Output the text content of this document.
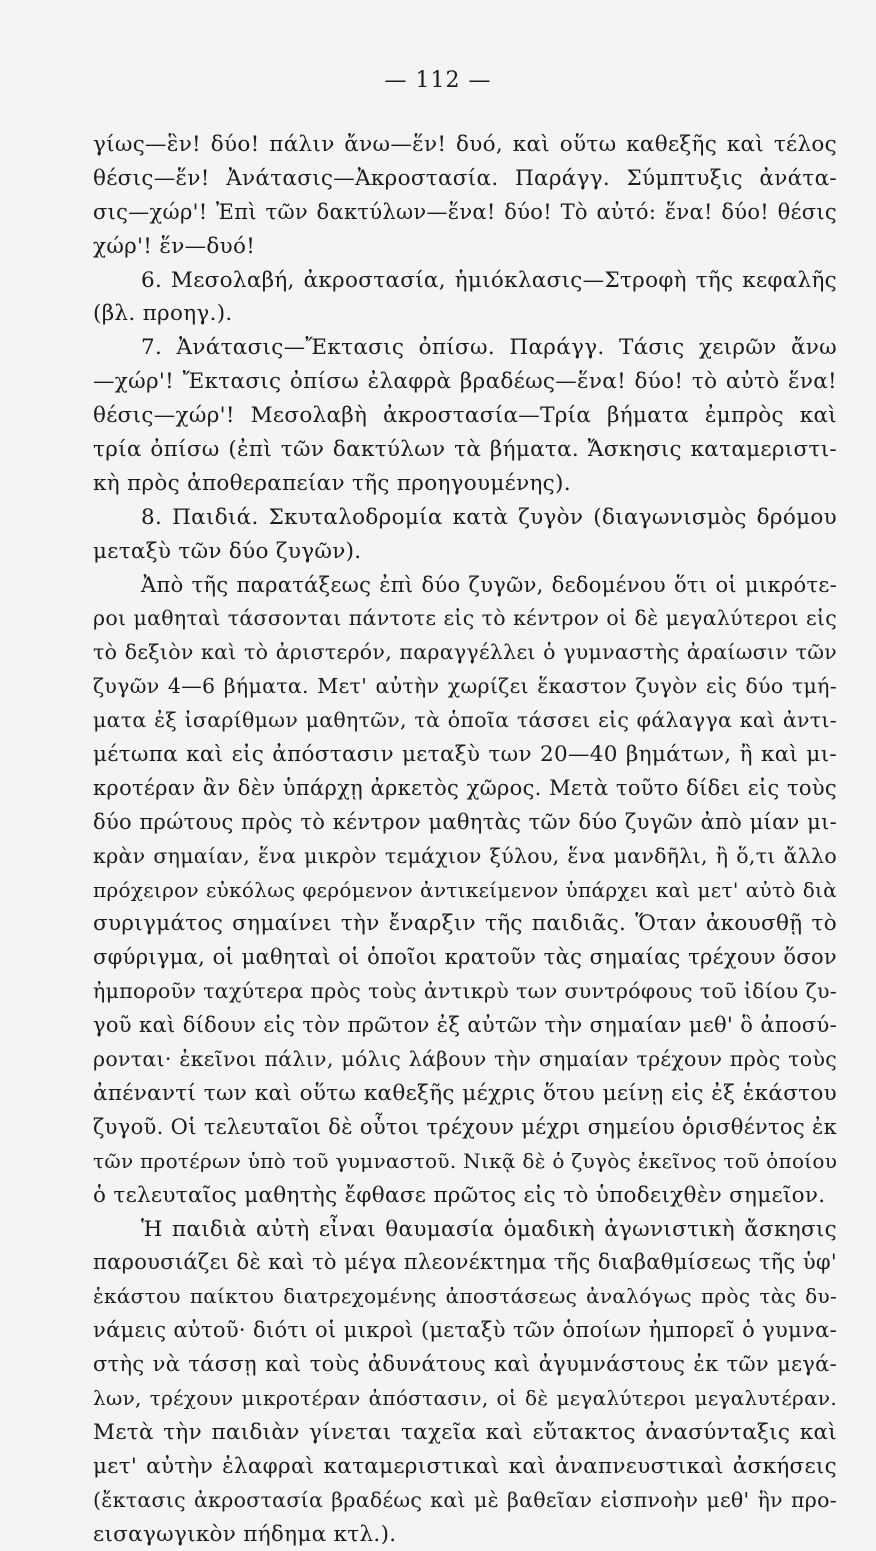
— 112 —
γίως—ἓν! δύο! πάλιν ἄνω—ἕν! δυό, καὶ οὕτω καθεξῆς καὶ τέλος
θέσις—ἕν! Ἀνάτασις—Ἀκροστασία. Παράγγ. Σύμπτυξις ἀνάτα-
σις—χώρ'! Ἐπὶ τῶν δακτύλων—ἕνα! δύο! Τὸ αὐτό: ἕνα! δύο! θέσις
χώρ'! ἕν—δυό!
6. Μεσολαβή, ἀκροστασία, ἡμιόκλασις—Στροφὴ τῆς κεφαλῆς
(βλ. προηγ.).
7. Ἀνάτασις—Ἔκτασις ὀπίσω. Παράγγ. Τάσις χειρῶν ἄνω
—χώρ'! Ἔκτασις ὀπίσω ἐλαφρὰ βραδέως—ἕνα! δύο! τὸ αὐτὸ ἕνα!
θέσις—χώρ'! Μεσολαβὴ ἀκροστασία—Τρία βήματα ἐμπρὸς καὶ
τρία ὀπίσω (ἐπὶ τῶν δακτύλων τὰ βήματα. Ἄσκησις καταμεριστι-
κὴ πρὸς ἀποθεραπείαν τῆς προηγουμένης).
8. Παιδιά. Σκυταλοδρομία κατὰ ζυγὸν (διαγωνισμὸς δρόμου
μεταξὺ τῶν δύο ζυγῶν).
Ἀπὸ τῆς παρατάξεως ἐπὶ δύο ζυγῶν, δεδομένου ὅτι οἱ μικρότε-
ροι μαθηταὶ τάσσονται πάντοτε εἰς τὸ κέντρον οἱ δὲ μεγαλύτεροι εἰς
τὸ δεξιὸν καὶ τὸ ἀριστερόν, παραγγέλλει ὁ γυμναστὴς ἀραίωσιν τῶν
ζυγῶν 4—6 βήματα. Μετ' αὐτὴν χωρίζει ἕκαστον ζυγὸν εἰς δύο τμή-
ματα ἐξ ἰσαρίθμων μαθητῶν, τὰ ὁποῖα τάσσει εἰς φάλαγγα καὶ ἀντι-
μέτωπα καὶ εἰς ἀπόστασιν μεταξὺ των 20—40 βημάτων, ἢ καὶ μι-
κροτέραν ἂν δὲν ὑπάρχῃ ἀρκετὸς χῶρος. Μετὰ τοῦτο δίδει εἰς τοὺς
δύο πρώτους πρὸς τὸ κέντρον μαθητὰς τῶν δύο ζυγῶν ἀπὸ μίαν μι-
κρὰν σημαίαν, ἕνα μικρὸν τεμάχιον ξύλου, ἕνα μανδῆλι, ἢ ὅ,τι ἄλλο
πρόχειρον εὐκόλως φερόμενον ἀντικείμενον ὑπάρχει καὶ μετ' αὐτὸ διὰ
συριγμάτος σημαίνει τὴν ἔναρξιν τῆς παιδιᾶς. Ὅταν ἀκουσθῇ τὸ
σφύριγμα, οἱ μαθηταὶ οἱ ὁποῖοι κρατοῦν τὰς σημαίας τρέχουν ὅσον
ἠμποροῦν ταχύτερα πρὸς τοὺς ἀντικρὺ των συντρόφους τοῦ ἰδίου ζυ-
γοῦ καὶ δίδουν εἰς τὸν πρῶτον ἐξ αὐτῶν τὴν σημαίαν μεθ' ὃ ἀποσύ-
ρονται· ἐκεῖνοι πάλιν, μόλις λάβουν τὴν σημαίαν τρέχουν πρὸς τοὺς
ἀπέναντί των καὶ οὕτω καθεξῆς μέχρις ὅτου μείνῃ εἰς ἐξ ἑκάστου
ζυγοῦ. Οἱ τελευταῖοι δὲ οὗτοι τρέχουν μέχρι σημείου ὁρισθέντος ἐκ
τῶν προτέρων ὑπὸ τοῦ γυμναστοῦ. Νικᾷ δὲ ὁ ζυγὸς ἐκεῖνος τοῦ ὁποίου
ὁ τελευταῖος μαθητὴς ἔφθασε πρῶτος εἰς τὸ ὑποδειχθὲν σημεῖον.
Ἡ παιδιὰ αὐτὴ εἶναι θαυμασία ὁμαδικὴ ἀγωνιστικὴ ἄσκησις
παρουσιάζει δὲ καὶ τὸ μέγα πλεονέκτημα τῆς διαβαθμίσεως τῆς ὑφ'
ἑκάστου παίκτου διατρεχομένης ἀποστάσεως ἀναλόγως πρὸς τὰς δυ-
νάμεις αὐτοῦ· διότι οἱ μικροὶ (μεταξὺ τῶν ὁποίων ἠμπορεῖ ὁ γυμνα-
στὴς νὰ τάσσῃ καὶ τοὺς ἀδυνάτους καὶ ἀγυμνάστους ἐκ τῶν μεγά-
λων, τρέχουν μικροτέραν ἀπόστασιν, οἱ δὲ μεγαλύτεροι μεγαλυτέραν.
Μετὰ τὴν παιδιὰν γίνεται ταχεῖα καὶ εὔτακτος ἀνασύνταξις καὶ
μετ' αὐτὴν ἐλαφραὶ καταμεριστικαὶ καὶ ἀναπνευστικαὶ ἀσκήσεις
(ἔκτασις ἀκροστασία βραδέως καὶ μὲ βαθεῖαν εἰσπνοὴν μεθ' ἣν προ-
εισαγωγικὸν πήδημα κτλ.).
